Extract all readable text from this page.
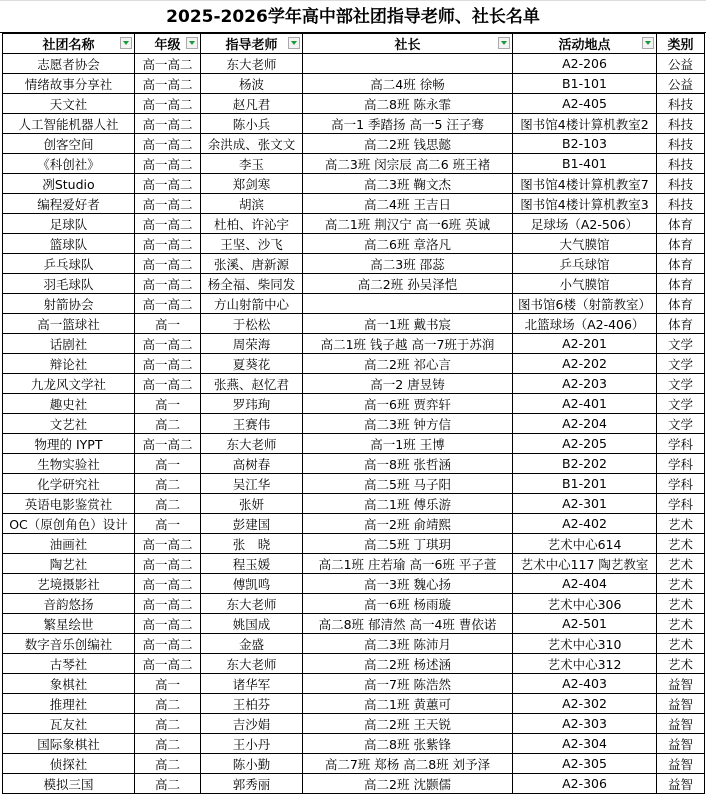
2025-2026学年高中部社团指导老师、社长名单
社团名称	年级	指导老师	社长	活动地点	类别
志愿者协会	高一高二	东大老师		A2-206	公益
情绪故事分享社	高一高二	杨波	高二4班 徐畅	B1-101	公益
天文社	高一高二	赵凡君	高二8班 陈永霏	A2-405	科技
人工智能机器人社	高一高二	陈小兵	高一1 季踏扬 高一5 汪子骞	图书馆4楼计算机教室2	科技
创客空间	高一高二	余洪成、张文文	高二2班 钱思懿	B2-103	科技
《科创社》	高一高二	李玉	高二3班 闵宗辰 高二6 班王褚	B1-401	科技
冽Studio	高一高二	郑剑寒	高二3班 鞠文杰	图书馆4楼计算机教室7	科技
编程爱好者	高一高二	胡滨	高二4班 王吉日	图书馆4楼计算机教室3	科技
足球队	高一高二	杜柏、许沁宇	高二1班 荆汉宁 高一6班 英诚	足球场（A2-506）	体育
篮球队	高一高二	王坚、沙飞	高二6班 章洛凡	大气膜馆	体育
乒乓球队	高一高二	张溪、唐新源	高二3班 邵蕊	乒乓球馆	体育
羽毛球队	高一高二	杨全福、柴同发	高二2班 孙吴泽恺	小气膜馆	体育
射箭协会	高一高二	方山射箭中心		图书馆6楼（射箭教室）	体育
高一篮球社	高一	于松松	高一1班 戴书宸	北篮球场（A2-406）	体育
话剧社	高一高二	周荣海	高二1班 钱子越 高一7班于苏润	A2-201	文学
辩论社	高一高二	夏葵花	高二2班 祁心言	A2-202	文学
九龙风文学社	高一高二	张燕、赵忆君	高一2 唐昱铸	A2-203	文学
趣史社	高一	罗玮珣	高一6班 贾弈轩	A2-401	文学
文艺社	高二	王赛伟	高二3班 钟方信	A2-204	文学
物理的 IYPT	高一高二	东大老师	高一1班 王博	A2-205	学科
生物实验社	高一	高树春	高一8班 张哲涵	B2-202	学科
化学研究社	高二	吴江华	高二5班 马子阳	B1-201	学科
英语电影鉴赏社	高二	张妍	高二1班 傅乐游	A2-301	学科
OC（原创角色）设计	高一	彭建国	高一2班 俞靖熙	A2-402	艺术
油画社	高一高二	张　晓	高二5班 丁琪玥	艺术中心614	艺术
陶艺社	高一高二	程玉媛	高二1班 庄若瑜 高一6班 平子萱	艺术中心117 陶艺教室	艺术
艺境摄影社	高一高二	傅凯鸣	高一3班 魏心扬	A2-404	艺术
音韵悠扬	高一高二	东大老师	高一6班 杨雨璇	艺术中心306	艺术
繁星绘世	高一高二	姚国成	高二8班 郁清然 高一4班 曹依诺	A2-501	艺术
数字音乐创编社	高一高二	金盛	高二3班 陈沛月	艺术中心310	艺术
古琴社	高一高二	东大老师	高二2班 杨述涵	艺术中心312	艺术
象棋社	高一	诸华军	高一7班 陈浩然	A2-403	益智
推理社	高二	王柏芬	高二1班 黄蕙可	A2-302	益智
瓦友社	高二	吉沙娟	高二2班 王天锐	A2-303	益智
国际象棋社	高二	王小丹	高二8班 张紫锋	A2-304	益智
侦探社	高二	陈小勤	高二7班 郑杨 高二8班 刘予泽	A2-305	益智
模拟三国	高二	郭秀丽	高二2班 沈颢儒	A2-306	益智
